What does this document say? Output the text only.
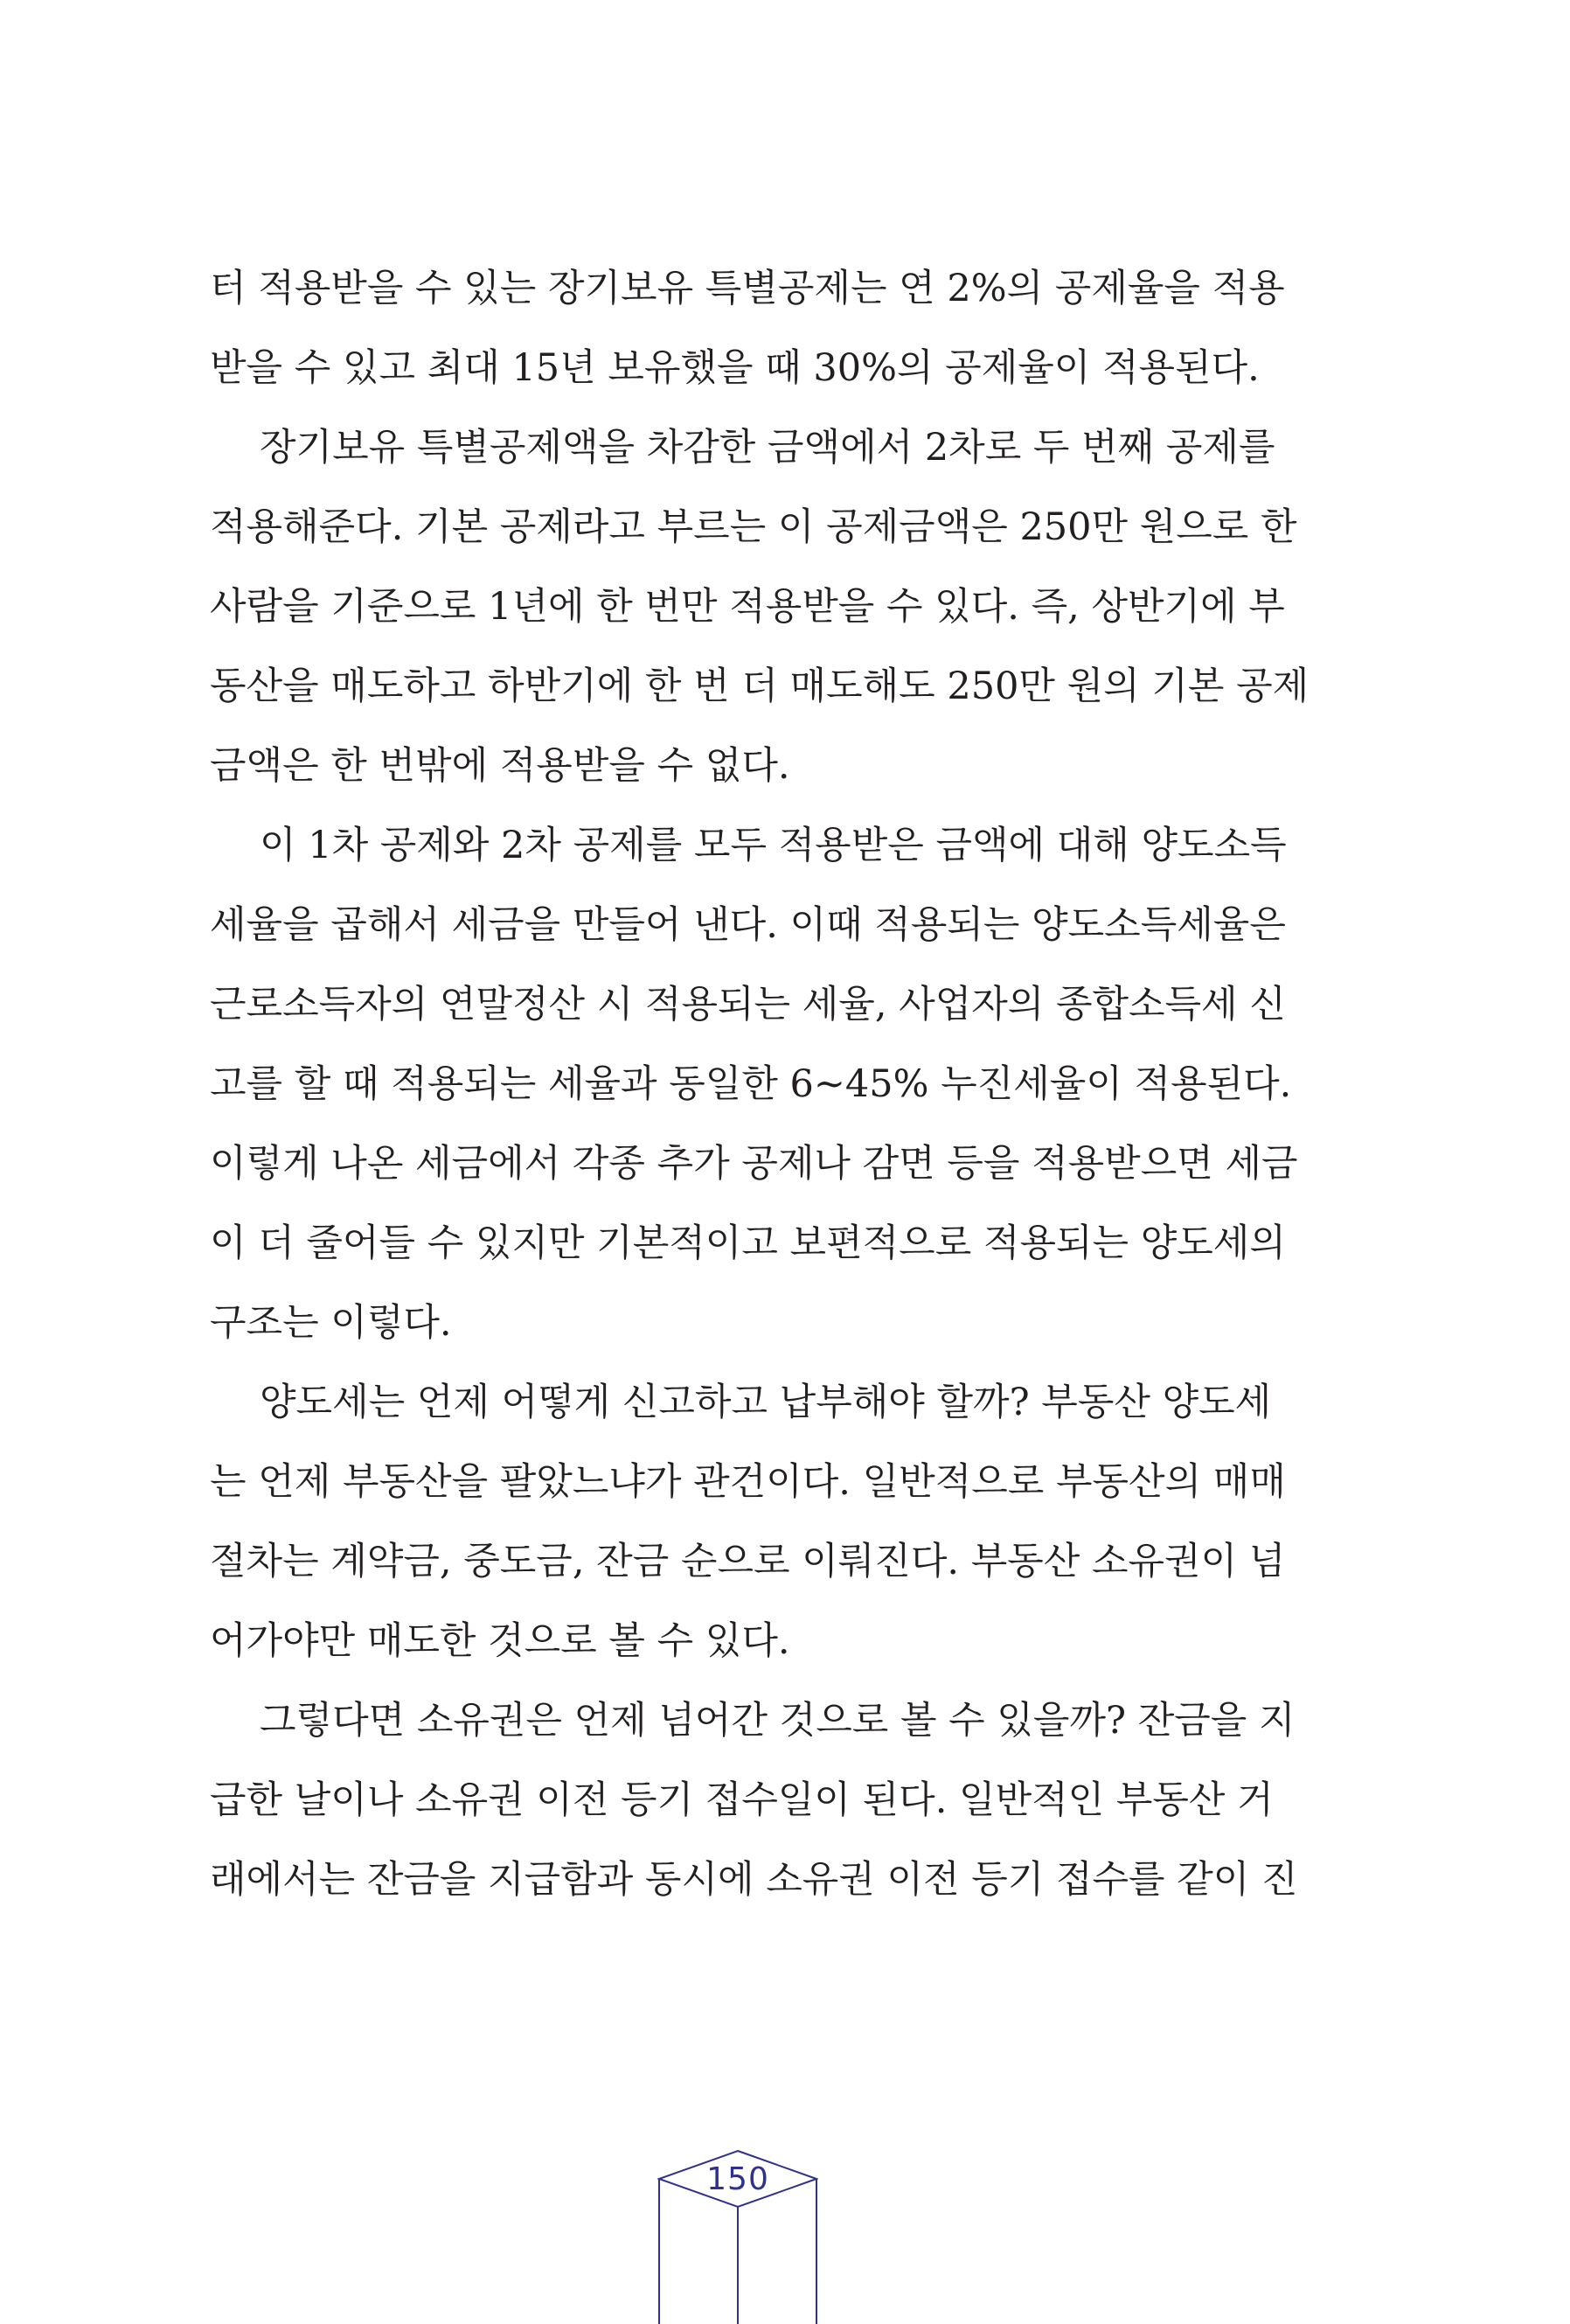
터 적용받을 수 있는 장기보유 특별공제는 연 2%의 공제율을 적용
받을 수 있고 최대 15년 보유했을 때 30%의 공제율이 적용된다.
장기보유 특별공제액을 차감한 금액에서 2차로 두 번째 공제를
적용해준다. 기본 공제라고 부르는 이 공제금액은 250만 원으로 한
사람을 기준으로 1년에 한 번만 적용받을 수 있다. 즉, 상반기에 부
동산을 매도하고 하반기에 한 번 더 매도해도 250만 원의 기본 공제
금액은 한 번밖에 적용받을 수 없다.
이 1차 공제와 2차 공제를 모두 적용받은 금액에 대해 양도소득
세율을 곱해서 세금을 만들어 낸다. 이때 적용되는 양도소득세율은
근로소득자의 연말정산 시 적용되는 세율, 사업자의 종합소득세 신
고를 할 때 적용되는 세율과 동일한 6~45% 누진세율이 적용된다.
이렇게 나온 세금에서 각종 추가 공제나 감면 등을 적용받으면 세금
이 더 줄어들 수 있지만 기본적이고 보편적으로 적용되는 양도세의
구조는 이렇다.
양도세는 언제 어떻게 신고하고 납부해야 할까? 부동산 양도세
는 언제 부동산을 팔았느냐가 관건이다. 일반적으로 부동산의 매매
절차는 계약금, 중도금, 잔금 순으로 이뤄진다. 부동산 소유권이 넘
어가야만 매도한 것으로 볼 수 있다.
그렇다면 소유권은 언제 넘어간 것으로 볼 수 있을까? 잔금을 지
급한 날이나 소유권 이전 등기 접수일이 된다. 일반적인 부동산 거
래에서는 잔금을 지급함과 동시에 소유권 이전 등기 접수를 같이 진
150
